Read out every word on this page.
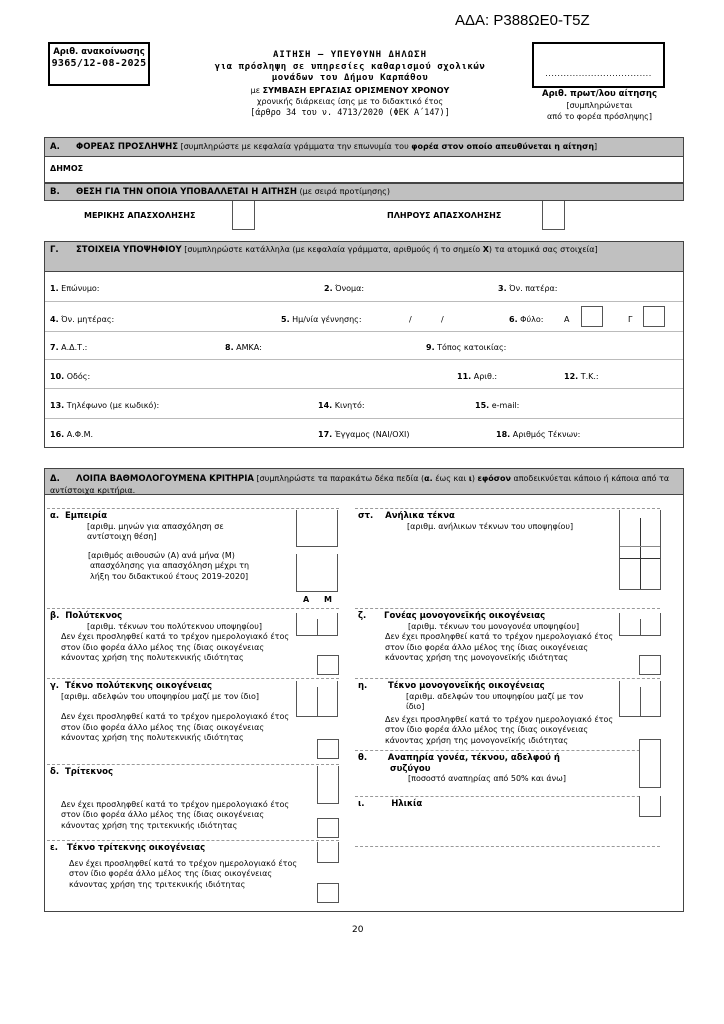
ΑΔΑ: Ρ388ΩΕ0-Τ5Ζ
Αριθ. ανακοίνωσης
9365/12-08-2025
ΑΙΤΗΣΗ – ΥΠΕΥΘΥΝΗ ΔΗΛΩΣΗ
για πρόσληψη σε υπηρεσίες καθαρισμού σχολικών
μονάδων του Δήμου Καρπάθου
με ΣΥΜΒΑΣΗ ΕΡΓΑΣΙΑΣ ΟΡΙΣΜΕΝΟΥ ΧΡΟΝΟΥ
χρονικής διάρκειας ίσης με το διδακτικό έτος
[άρθρο 34 του ν. 4713/2020 (ΦΕΚ Α΄147)]
...................................
Αριθ. πρωτ/λου αίτησης
[συμπληρώνεται
από το φορέα πρόσληψης]
Α. ΦΟΡΕΑΣ ΠΡΟΣΛΗΨΗΣ [συμπληρώστε με κεφαλαία γράμματα την επωνυμία του φορέα στον οποίο απευθύνεται η αίτηση]
ΔΗΜΟΣ
Β. ΘΕΣΗ ΓΙΑ ΤΗΝ ΟΠΟΙΑ ΥΠΟΒΑΛΛΕΤΑΙ Η ΑΙΤΗΣΗ (με σειρά προτίμησης)
ΜΕΡΙΚΗΣ ΑΠΑΣΧΟΛΗΣΗΣ	ΠΛΗΡΟΥΣ ΑΠΑΣΧΟΛΗΣΗΣ
Γ. ΣΤΟΙΧΕΙΑ ΥΠΟΨΗΦΙΟΥ [συμπληρώστε κατάλληλα (με κεφαλαία γράμματα, αριθμούς ή το σημείο Χ) τα ατομικά σας στοιχεία]
1. Επώνυμο:	2. Όνομα:	3. Όν. πατέρα:
4. Όν. μητέρας:	5. Ημ/νία γέννησης:	/	/	6. Φύλο:	Α	Γ
7. Α.Δ.Τ.:	8. ΑΜΚΑ:	9. Τόπος κατοικίας:
10. Οδός:	11. Αριθ.:	12. Τ.Κ.:
13. Τηλέφωνο (με κωδικό):	14. Κινητό:	15. e-mail:
16. Α.Φ.Μ.	17. Έγγαμος (ΝΑΙ/ΟΧΙ)	18. Αριθμός Τέκνων:
Δ. ΛΟΙΠΑ ΒΑΘΜΟΛΟΓΟΥΜΕΝΑ ΚΡΙΤΗΡΙΑ [συμπληρώστε τα παρακάτω δέκα πεδία (α. έως και ι) εφόσον αποδεικνύεται κάποιο ή κάποια από τα αντίστοιχα κριτήρια.
α. Εμπειρία
[αριθμ. μηνών για απασχόληση σε
αντίστοιχη θέση]
[αριθμός αιθουσών (Α) ανά μήνα (Μ)
απασχόλησης για απασχόληση μέχρι τη
λήξη του διδακτικού έτους 2019-2020]
Α Μ
β. Πολύτεκνος
[αριθμ. τέκνων του πολύτεκνου υποψηφίου]
Δεν έχει προσληφθεί κατά το τρέχον ημερολογιακό έτος
στον ίδιο φορέα άλλο μέλος της ίδιας οικογένειας
κάνοντας χρήση της πολυτεκνικής ιδιότητας
γ. Τέκνο πολύτεκνης οικογένειας
[αριθμ. αδελφών του υποψηφίου μαζί με τον ίδιο]
Δεν έχει προσληφθεί κατά το τρέχον ημερολογιακό έτος
στον ίδιο φορέα άλλο μέλος της ίδιας οικογένειας
κάνοντας χρήση της πολυτεκνικής ιδιότητας
δ. Τρίτεκνος
Δεν έχει προσληφθεί κατά το τρέχον ημερολογιακό έτος
στον ίδιο φορέα άλλο μέλος της ίδιας οικογένειας
κάνοντας χρήση της τριτεκνικής ιδιότητας
ε. Τέκνο τρίτεκνης οικογένειας
Δεν έχει προσληφθεί κατά το τρέχον ημερολογιακό έτος
στον ίδιο φορέα άλλο μέλος της ίδιας οικογένειας
κάνοντας χρήση της τριτεκνικής ιδιότητας
στ. Ανήλικα τέκνα
[αριθμ. ανήλικων τέκνων του υποψηφίου]
ζ. Γονέας μονογονεϊκής οικογένειας
[αριθμ. τέκνων του μονογονέα υποψηφίου]
Δεν έχει προσληφθεί κατά το τρέχον ημερολογιακό έτος
στον ίδιο φορέα άλλο μέλος της ίδιας οικογένειας
κάνοντας χρήση της μονογονεϊκής ιδιότητας
η. Τέκνο μονογονεϊκής οικογένειας
[αριθμ. αδελφών του υποψηφίου μαζί με τον
ίδιο]
Δεν έχει προσληφθεί κατά το τρέχον ημερολογιακό έτος
στον ίδιο φορέα άλλο μέλος της ίδιας οικογένειας
κάνοντας χρήση της μονογονεϊκής ιδιότητας
θ. Αναπηρία γονέα, τέκνου, αδελφού ή
συζύγου
[ποσοστό αναπηρίας από 50% και άνω]
ι.	Ηλικία
20
